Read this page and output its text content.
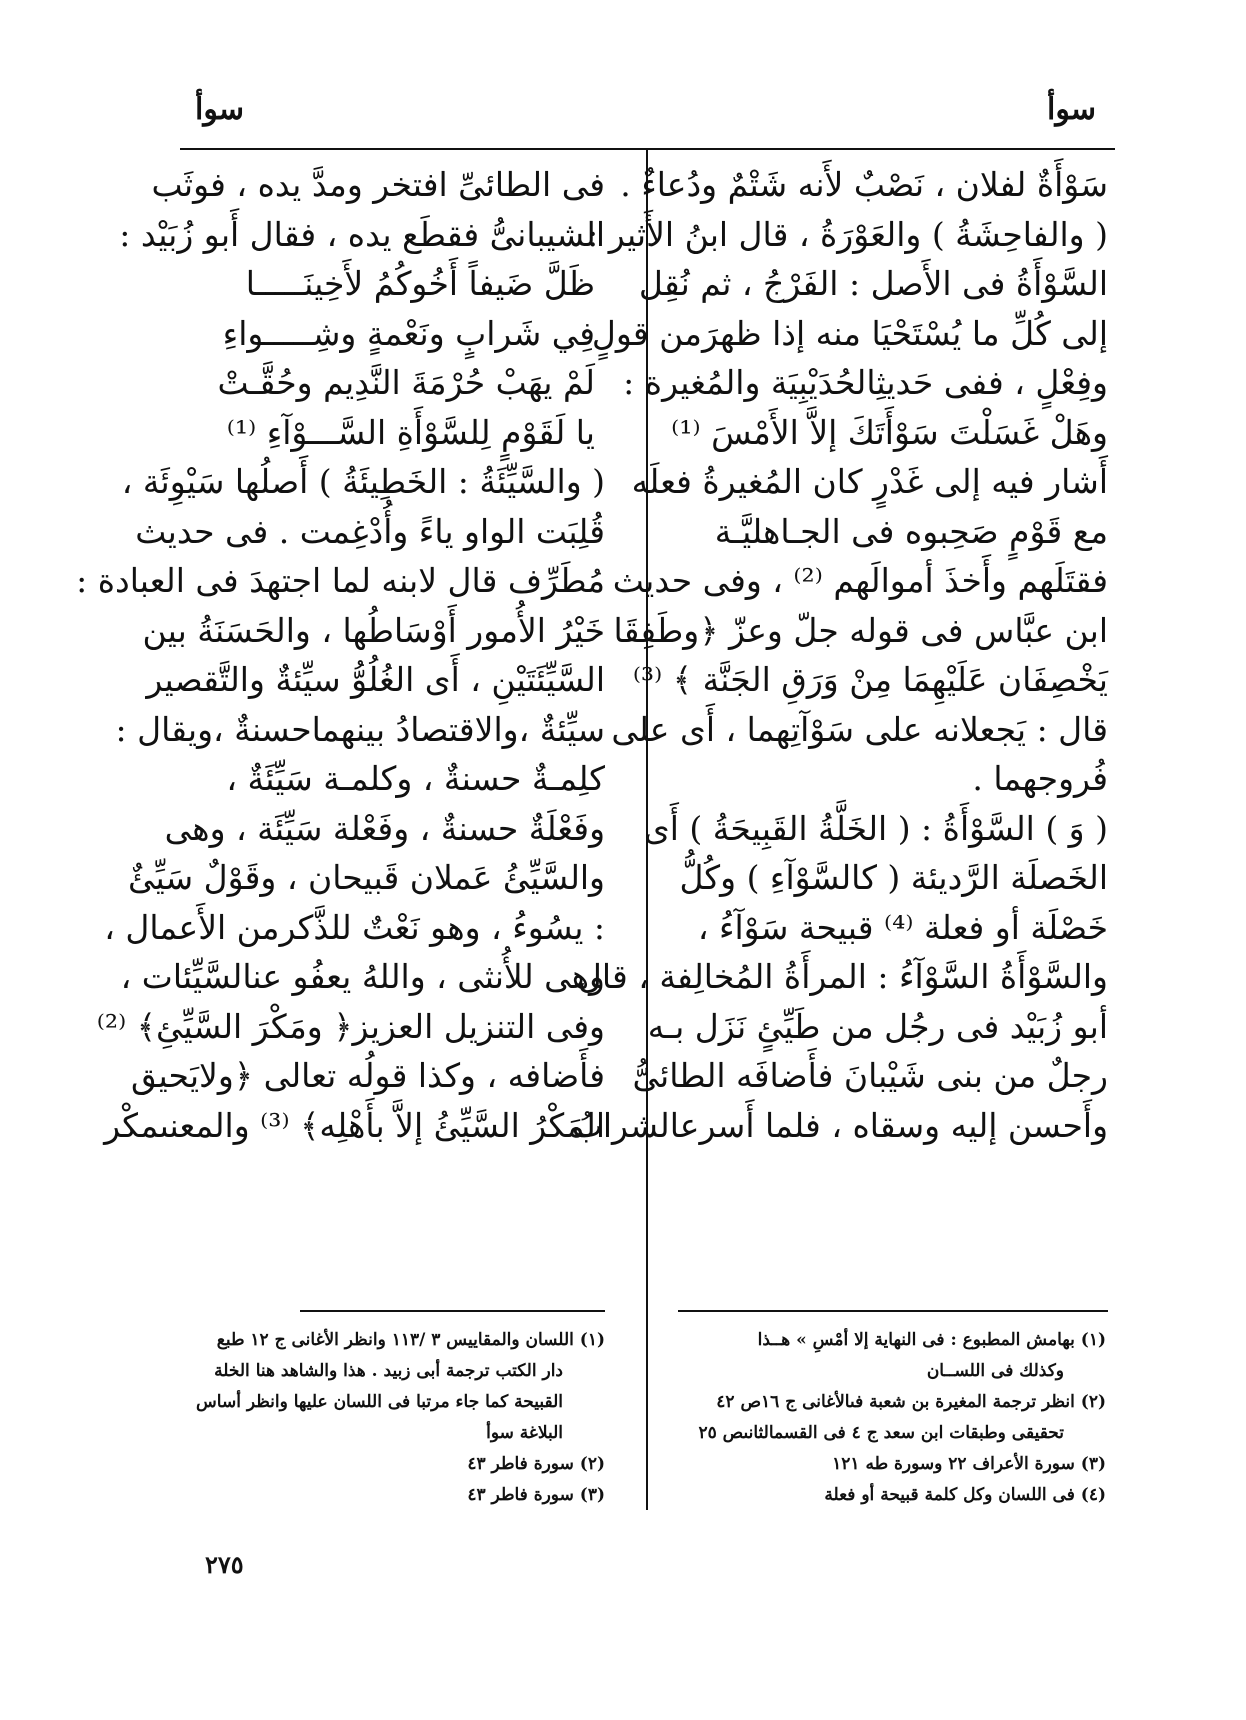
سوأ
سوأ
سَوْأَةٌ لفلان ، نَصْبٌ لأَنه شَتْمٌ ودُعاءٌ .
( والفاحِشَةُ ) والعَوْرَةُ ، قال ابنُ الأَثير :
السَّوْأَةُ فى الأَصل : الفَرْجُ ، ثم نُقِل
إلى كُلِّ ما يُسْتَحْيَا منه إذا ظهرَمن قولٍ
وفِعْلٍ ، ففى حَديثِالحُدَيْبِيَة والمُغيرة :
وهَلْ غَسَلْتَ سَوْأَتَكَ إلاَّ الأَمْسَ ⁽¹⁾
أَشار فيه إلى غَدْرٍ كان المُغيرةُ فعلَه
مع قَوْمٍ صَحِبوه فى الجـاهليَّـة
فقتَلَهم وأَخذَ أموالَهم ⁽²⁾ ، وفى حديث
ابن عبَّاس فى قوله جلّ وعزّ ﴿وطَفِقَا
يَخْصِفَان عَلَيْهِمَا مِنْ وَرَقِ الجَنَّة ﴾ ⁽³⁾
قال : يَجعلانه على سَوْآتِهما ، أَى على
فُروجهما .
( وَ ) السَّوْأَةُ : ( الخَلَّةُ القَبِيحَةُ ) أَى
الخَصلَة الرَّديئة ( كالسَّوْآءِ ) وكُلُّ
خَصْلَة أو فعلة ⁽⁴⁾ قبيحة سَوْآءُ ،
والسَّوْأَةُ السَّوْآءُ : المرأَةُ المُخالِفة ، قال
أبو زُبَيْد فى رجُل من طَيِّئٍ نَزَل بـه
رجلٌ من بنى شَيْبانَ فأَضافَه الطائىُّ
وأَحسن إليه وسقاه ، فلما أَسرعالشرابُ
فى الطائىِّ افتخر ومدَّ يده ، فوثَب
الشيبانىُّ فقطَع يده ، فقال أَبو زُبَيْد :
ظَلَّ ضَيفاً أَخُوكُمُ لأَخِينَـــــا
فِي شَرابٍ ونَعْمةٍ وشِـــــواءِ
لَمْ يهَبْ حُرْمَةَ النَّدِيم وحُقَّـتْ
يا لَقَوْمٍ لِلسَّوْأَةِ السَّـــوْآءِ ⁽¹⁾
( والسَّيِّئَةُ : الخَطِيئَةُ ) أَصلُها سَيْوِئَة ،
قُلِبَت الواو ياءً وأُدْغِمت . فى حديث
مُطَرِّف قال لابنه لما اجتهدَ فى العبادة :
خَيْرُ الأُمور أَوْسَاطُها ، والحَسَنَةُ بين
السَّيِّئَتَيْنِ ، أَى الغُلُوُّ سيِّئةٌ والتَّقصير
سيِّئةٌ ،والاقتصادُ بينهماحسنةٌ ،ويقال :
كلِمـةٌ حسنةٌ ، وكلمـة سَيِّئَةٌ ،
وفَعْلَةٌ حسنةٌ ، وفَعْلة سَيِّئَة ، وهى
والسَّيِّئُ عَملان قَبيحان ، وقَوْلٌ سَيِّئٌ
: يسُوءُ ، وهو نَعْتٌ للذَّكرمن الأَعمال ،
وهى للأُنثى ، واللهُ يعفُو عنالسَّيِّئات ،
وفى التنزيل العزيز﴿ ومَكْرَ السَّيِّئِ﴾ ⁽²⁾
فأَضافه ، وكذا قولُه تعالى ﴿ولايَحيق
المَكْرُ السَّيِّئُ إلاَّ بأَهْلِه﴾ ⁽³⁾ والمعنىمكْر
(١) بهامش المطبوع : فى النهاية إلا أمْسِ » هــذا
وكذلك فى اللســان
(٢) انظر ترجمة المغيرة بن شعبة فىالأغانى ج ١٦ص ٤٢
تحقيقى وطبقات ابن سعد ج ٤ فى القسمالثانىص ٢٥
(٣) سورة الأعراف ٢٢ وسورة طه ١٢١
(٤) فى اللسان وكل كلمة قبيحة أو فعلة
(١) اللسان والمقاييس ٣ /١١٣ وانظر الأغانى ج ١٢ طبع
دار الكتب ترجمة أبى زبيد . هذا والشاهد هنا الخلة
القبيحة كما جاء مرتبا فى اللسان عليها وانظر أساس
البلاغة سوأ
(٢) سورة فاطر ٤٣
(٣) سورة فاطر ٤٣
٢٧٥
